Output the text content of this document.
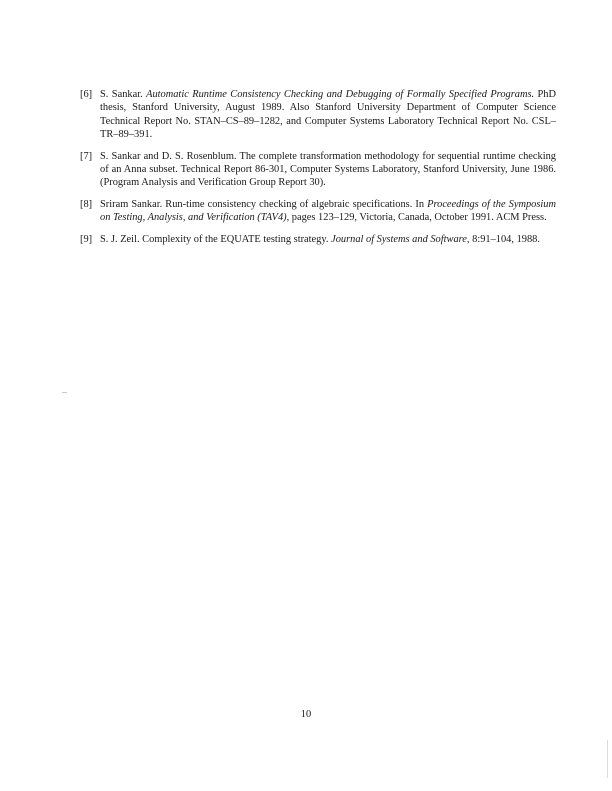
[6] S. Sankar. Automatic Runtime Consistency Checking and Debugging of Formally Specified Programs. PhD thesis, Stanford University, August 1989. Also Stanford University Department of Computer Science Technical Report No. STAN–CS–89–1282, and Computer Systems Laboratory Technical Report No. CSL–TR–89–391.
[7] S. Sankar and D. S. Rosenblum. The complete transformation methodology for sequential runtime checking of an Anna subset. Technical Report 86-301, Computer Systems Laboratory, Stanford University, June 1986. (Program Analysis and Verification Group Report 30).
[8] Sriram Sankar. Run-time consistency checking of algebraic specifications. In Proceedings of the Symposium on Testing, Analysis, and Verification (TAV4), pages 123–129, Victoria, Canada, October 1991. ACM Press.
[9] S. J. Zeil. Complexity of the EQUATE testing strategy. Journal of Systems and Software, 8:91–104, 1988.
10
